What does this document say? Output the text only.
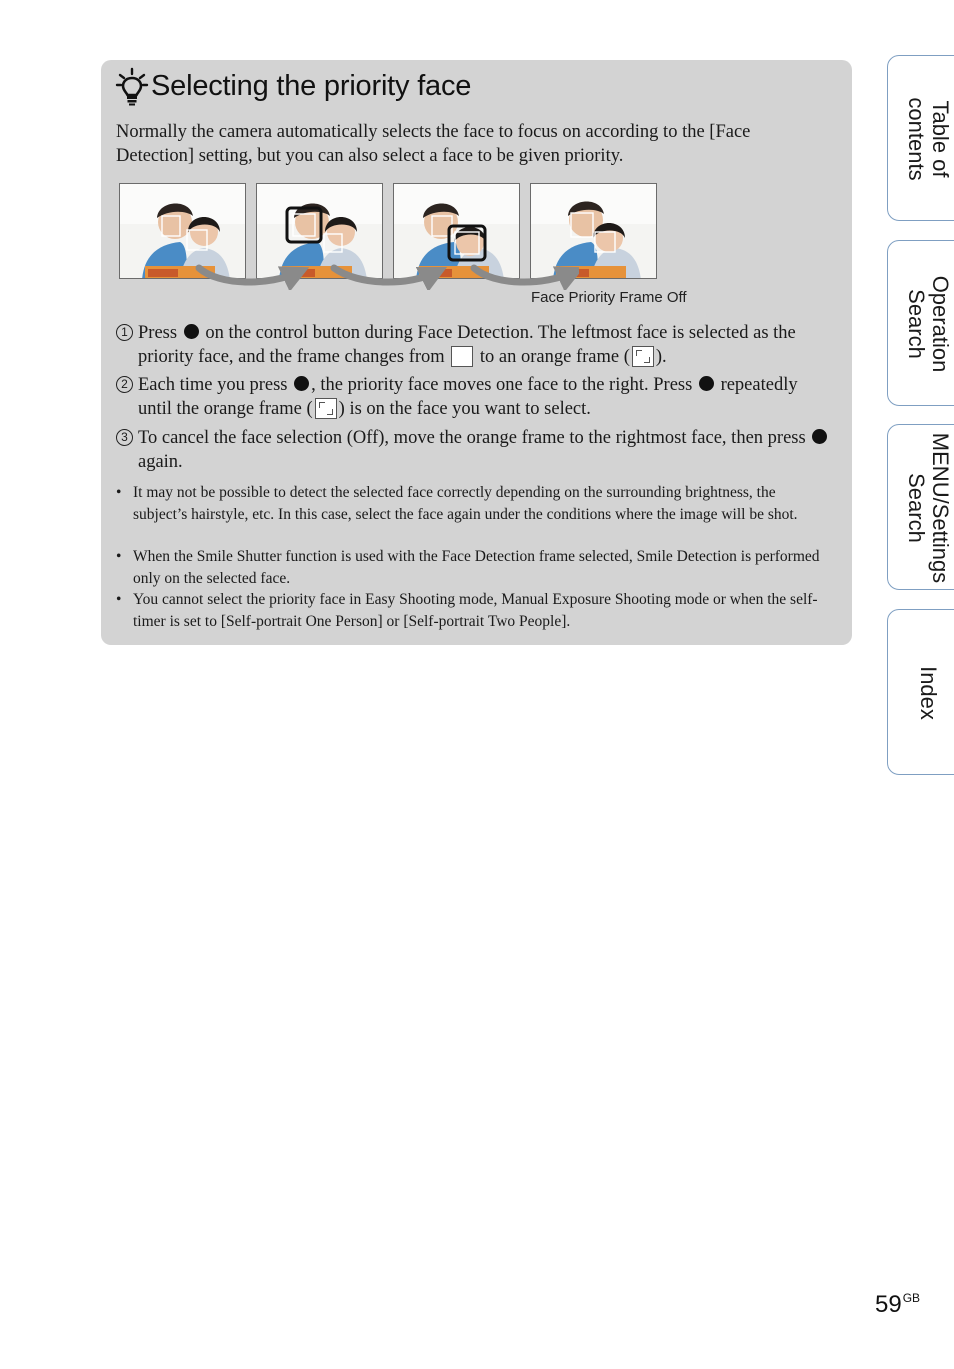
Selecting the priority face
Normally the camera automatically selects the face to focus on according to the [Face Detection] setting, but you can also select a face to be given priority.
Face Priority Frame Off
1 Press on the control button during Face Detection. The leftmost face is selected as the priority face, and the frame changes from to an orange frame ( ).
2 Each time you press , the priority face moves one face to the right. Press repeatedly until the orange frame ( ) is on the face you want to select.
3 To cancel the face selection (Off), move the orange frame to the rightmost face, then press  again.
• It may not be possible to detect the selected face correctly depending on the surrounding brightness, the subject’s hairstyle, etc. In this case, select the face again under the conditions where the image will be shot.
• When the Smile Shutter function is used with the Face Detection frame selected, Smile Detection is performed only on the selected face.
• You cannot select the priority face in Easy Shooting mode, Manual Exposure Shooting mode or when the self-timer is set to [Self-portrait One Person] or [Self-portrait Two People].
Table of
contents
Operation
Search
MENU/Settings
Search
Index
$59^{GB}$
